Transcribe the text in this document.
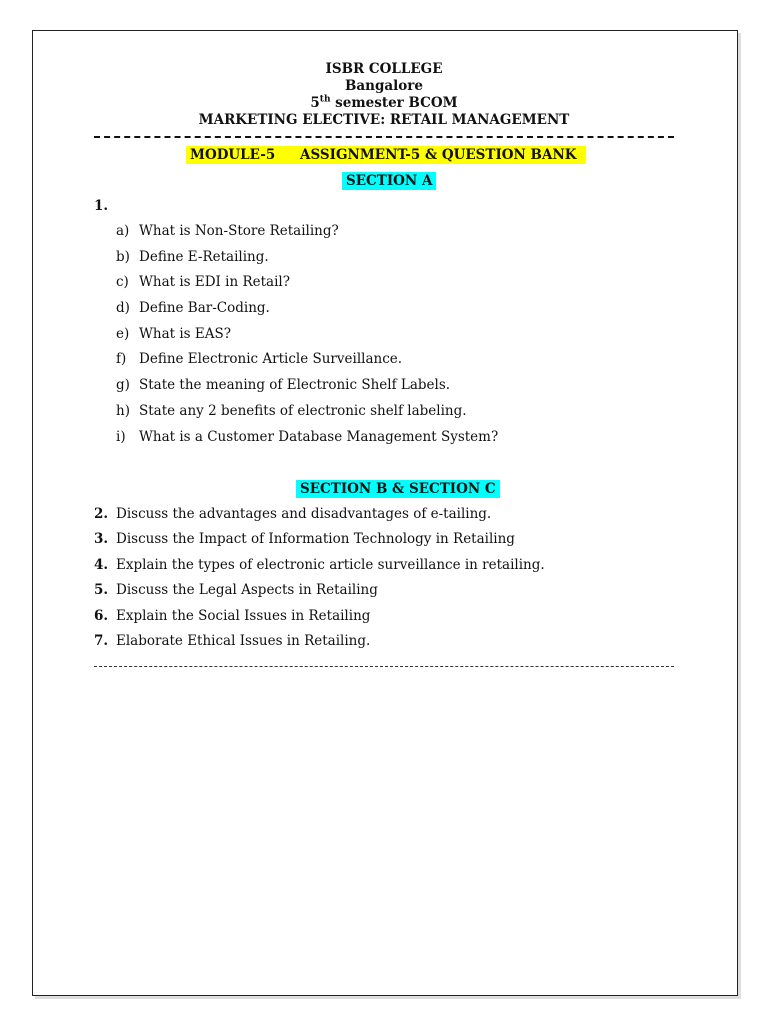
ISBR COLLEGE
Bangalore
5th semester BCOM
MARKETING ELECTIVE: RETAIL MANAGEMENT
MODULE-5 ASSIGNMENT-5 & QUESTION BANK
SECTION A
1.
a) What is Non-Store Retailing?
b) Define E-Retailing.
c) What is EDI in Retail?
d) Define Bar-Coding.
e) What is EAS?
f) Define Electronic Article Surveillance.
g) State the meaning of Electronic Shelf Labels.
h) State any 2 benefits of electronic shelf labeling.
i) What is a Customer Database Management System?
SECTION B & SECTION C
2. Discuss the advantages and disadvantages of e-tailing.
3. Discuss the Impact of Information Technology in Retailing
4. Explain the types of electronic article surveillance in retailing.
5. Discuss the Legal Aspects in Retailing
6. Explain the Social Issues in Retailing
7. Elaborate Ethical Issues in Retailing.
